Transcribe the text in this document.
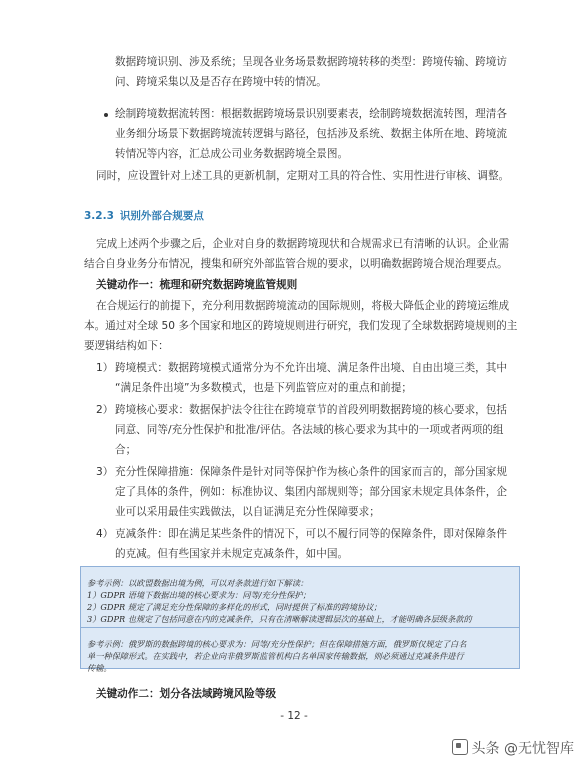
数据跨境识别、涉及系统；呈现各业务场景数据跨境转移的类型：跨境传输、跨境访

问、跨境采集以及是否存在跨境中转的情况。

绘制跨境数据流转图：根据数据跨境场景识别要素表，绘制跨境数据流转图，理清各

业务细分场景下数据跨境流转逻辑与路径，包括涉及系统、数据主体所在地、跨境流

转情况等内容，汇总成公司业务数据跨境全景图。

同时，应设置针对上述工具的更新机制，定期对工具的符合性、实用性进行审核、调整。

3.2.3 识别外部合规要点

完成上述两个步骤之后，企业对自身的数据跨境现状和合规需求已有清晰的认识。企业需

结合自身业务分布情况，搜集和研究外部监管合规的要求，以明确数据跨境合规治理要点。

关键动作一：梳理和研究数据跨境监管规则

在合规运行的前提下，充分利用数据跨境流动的国际规则，将极大降低企业的跨境运维成

本。通过对全球 50 多个国家和地区的跨境规则进行研究，我们发现了全球数据跨境规则的主

要逻辑结构如下：

1） 跨境模式：数据跨境模式通常分为不允许出境、满足条件出境、自由出境三类，其中

“满足条件出境”为多数模式，也是下列监管应对的重点和前提；

2） 跨境核心要求：数据保护法令往往在跨境章节的首段列明数据跨境的核心要求，包括

同意、同等/充分性保护和批准/评估。各法域的核心要求为其中的一项或者两项的组

合；

3） 充分性保障措施：保障条件是针对同等保护作为核心条件的国家而言的，部分国家规

定了具体的条件，例如：标准协议、集团内部规则等；部分国家未规定具体条件，企

业可以采用最佳实践做法，以自证满足充分性保障要求；

4） 克减条件：即在满足某些条件的情况下，可以不履行同等的保障条件，即对保障条件

的克减。但有些国家并未规定克减条件，如中国。

参考示例：以欧盟数据出境为例，可以对条款进行如下解读：

1）GDPR 语境下数据出境的核心要求为：同等/充分性保护；

2）GDPR 规定了满足充分性保障的多样化的形式，同时提供了标准的跨境协议；

3）GDPR 也规定了包括同意在内的克减条件，只有在清晰解读逻辑层次的基础上，才能明确各层级条款的

参考示例：俄罗斯的数据跨境的核心要求为：同等/充分性保护；但在保障措施方面，俄罗斯仅规定了白名

单一种保障形式。在实践中，若企业向非俄罗斯监管机构白名单国家传输数据，则必须通过克减条件进行

传输。

关键动作二：划分各法域跨境风险等级

- 12 -
头条 @无忧智库
